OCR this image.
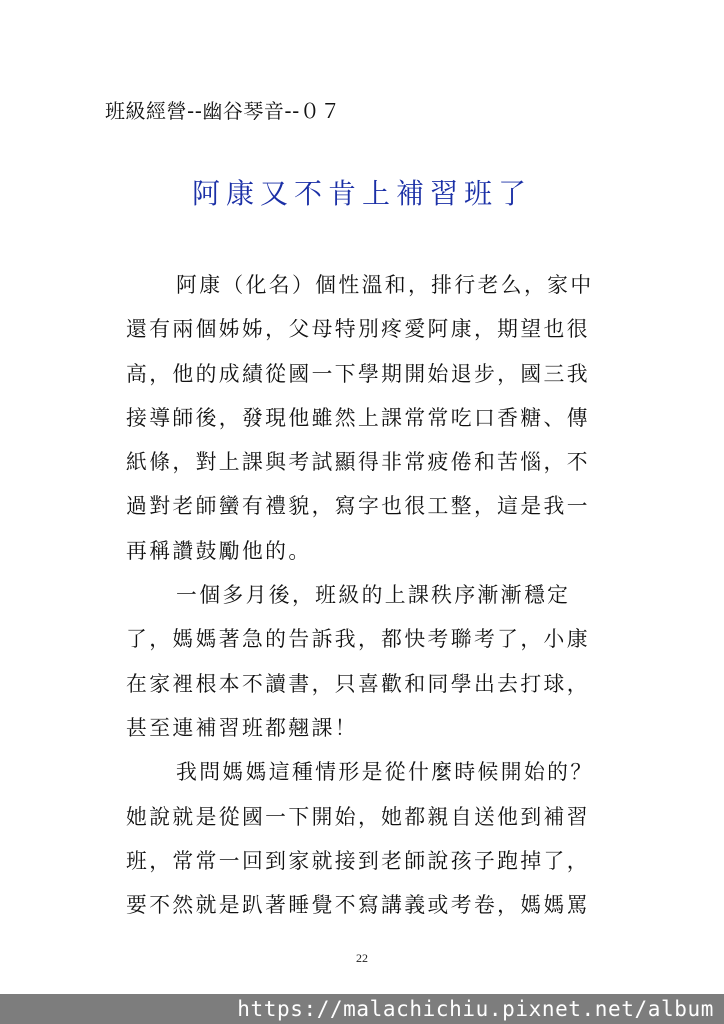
班級經營--幽谷琴音--０７
阿康又不肯上補習班了
阿康（化名）個性溫和，排行老么，家中
還有兩個姊姊，父母特別疼愛阿康，期望也很
高，他的成績從國一下學期開始退步，國三我
接導師後，發現他雖然上課常常吃口香糖、傳
紙條，對上課與考試顯得非常疲倦和苦惱，不
過對老師蠻有禮貌，寫字也很工整，這是我一
再稱讚鼓勵他的。
一個多月後，班級的上課秩序漸漸穩定
了，媽媽著急的告訴我，都快考聯考了，小康
在家裡根本不讀書，只喜歡和同學出去打球，
甚至連補習班都翹課！
我問媽媽這種情形是從什麼時候開始的？
她說就是從國一下開始，她都親自送他到補習
班，常常一回到家就接到老師說孩子跑掉了，
要不然就是趴著睡覺不寫講義或考卷，媽媽罵
22
https://malachichiu.pixnet.net/album
